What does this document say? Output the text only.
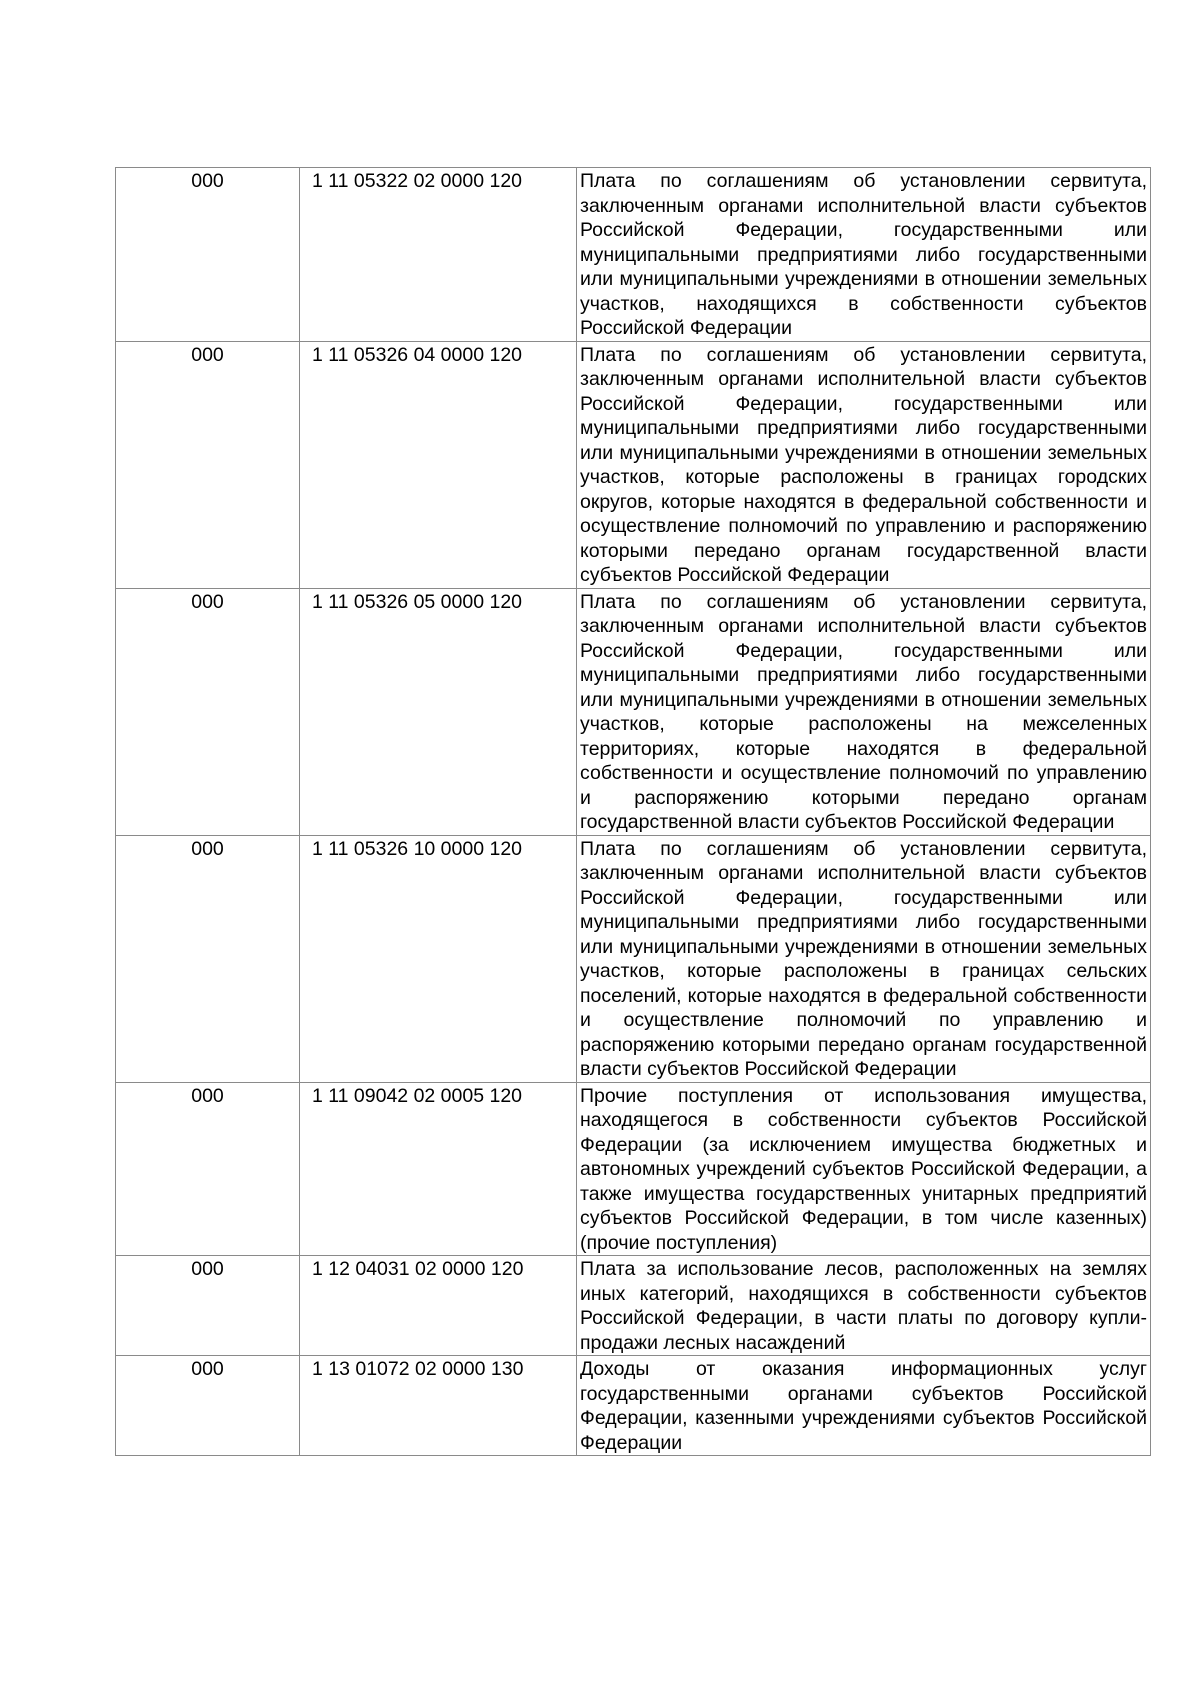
000	1 11 05322 02 0000 120	Плата по соглашениям об установлении сервитута, заключенным органами исполнительной власти субъектов Российской Федерации, государственными или муниципальными предприятиями либо государственными или муниципальными учреждениями в отношении земельных участков, находящихся в собственности субъектов Российской Федерации
000	1 11 05326 04 0000 120	Плата по соглашениям об установлении сервитута, заключенным органами исполнительной власти субъектов Российской Федерации, государственными или муниципальными предприятиями либо государственными или муниципальными учреждениями в отношении земельных участков, которые расположены в границах городских округов, которые находятся в федеральной собственности и осуществление полномочий по управлению и распоряжению которыми передано органам государственной власти субъектов Российской Федерации
000	1 11 05326 05 0000 120	Плата по соглашениям об установлении сервитута, заключенным органами исполнительной власти субъектов Российской Федерации, государственными или муниципальными предприятиями либо государственными или муниципальными учреждениями в отношении земельных участков, которые расположены на межселенных территориях, которые находятся в федеральной собственности и осуществление полномочий по управлению и распоряжению которыми передано органам государственной власти субъектов Российской Федерации
000	1 11 05326 10 0000 120	Плата по соглашениям об установлении сервитута, заключенным органами исполнительной власти субъектов Российской Федерации, государственными или муниципальными предприятиями либо государственными или муниципальными учреждениями в отношении земельных участков, которые расположены в границах сельских поселений, которые находятся в федеральной собственности и осуществление полномочий по управлению и распоряжению которыми передано органам государственной власти субъектов Российской Федерации
000	1 11 09042 02 0005 120	Прочие поступления от использования имущества, находящегося в собственности субъектов Российской Федерации (за исключением имущества бюджетных и автономных учреждений субъектов Российской Федерации, а также имущества государственных унитарных предприятий субъектов Российской Федерации, в том числе казенных) (прочие поступления)
000	1 12 04031 02 0000 120	Плата за использование лесов, расположенных на землях иных категорий, находящихся в собственности субъектов Российской Федерации, в части платы по договору купли-продажи лесных насаждений
000	1 13 01072 02 0000 130	Доходы от оказания информационных услуг государственными органами субъектов Российской Федерации, казенными учреждениями субъектов Российской Федерации
